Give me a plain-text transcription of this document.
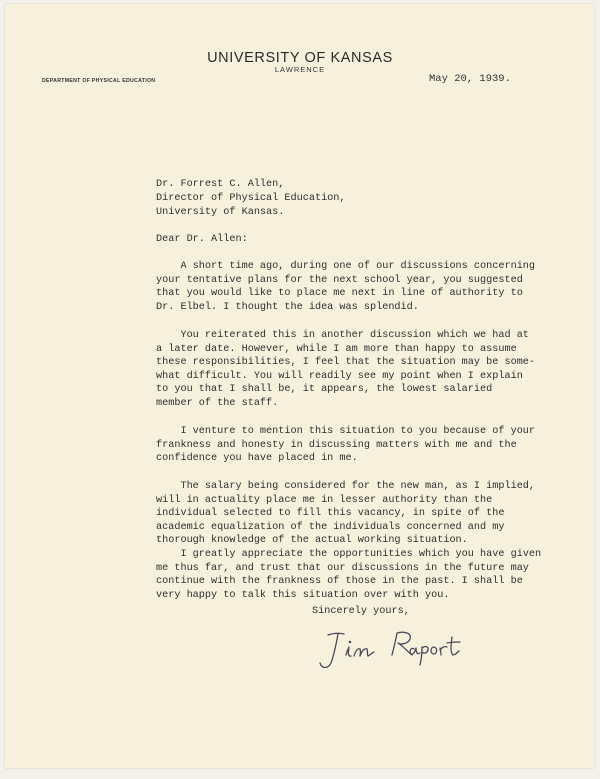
UNIVERSITY OF KANSAS
LAWRENCE
DEPARTMENT OF PHYSICAL EDUCATION	May 20, 1939.
Dr. Forrest C. Allen,
Director of Physical Education,
University of Kansas.
Dear Dr. Allen:
A short time ago, during one of our discussions concerning
your tentative plans for the next school year, you suggested
that you would like to place me next in line of authority to
Dr. Elbel. I thought the idea was splendid.
You reiterated this in another discussion which we had at
a later date. However, while I am more than happy to assume
these responsibilities, I feel that the situation may be some-
what difficult. You will readily see my point when I explain
to you that I shall be, it appears, the lowest salaried
member of the staff.
I venture to mention this situation to you because of your
frankness and honesty in discussing matters with me and the
confidence you have placed in me.
The salary being considered for the new man, as I implied,
will in actuality place me in lesser authority than the
individual selected to fill this vacancy, in spite of the
academic equalization of the individuals concerned and my
thorough knowledge of the actual working situation.
I greatly appreciate the opportunities which you have given
me thus far, and trust that our discussions in the future may
continue with the frankness of those in the past. I shall be
very happy to talk this situation over with you.
Sincerely yours,
